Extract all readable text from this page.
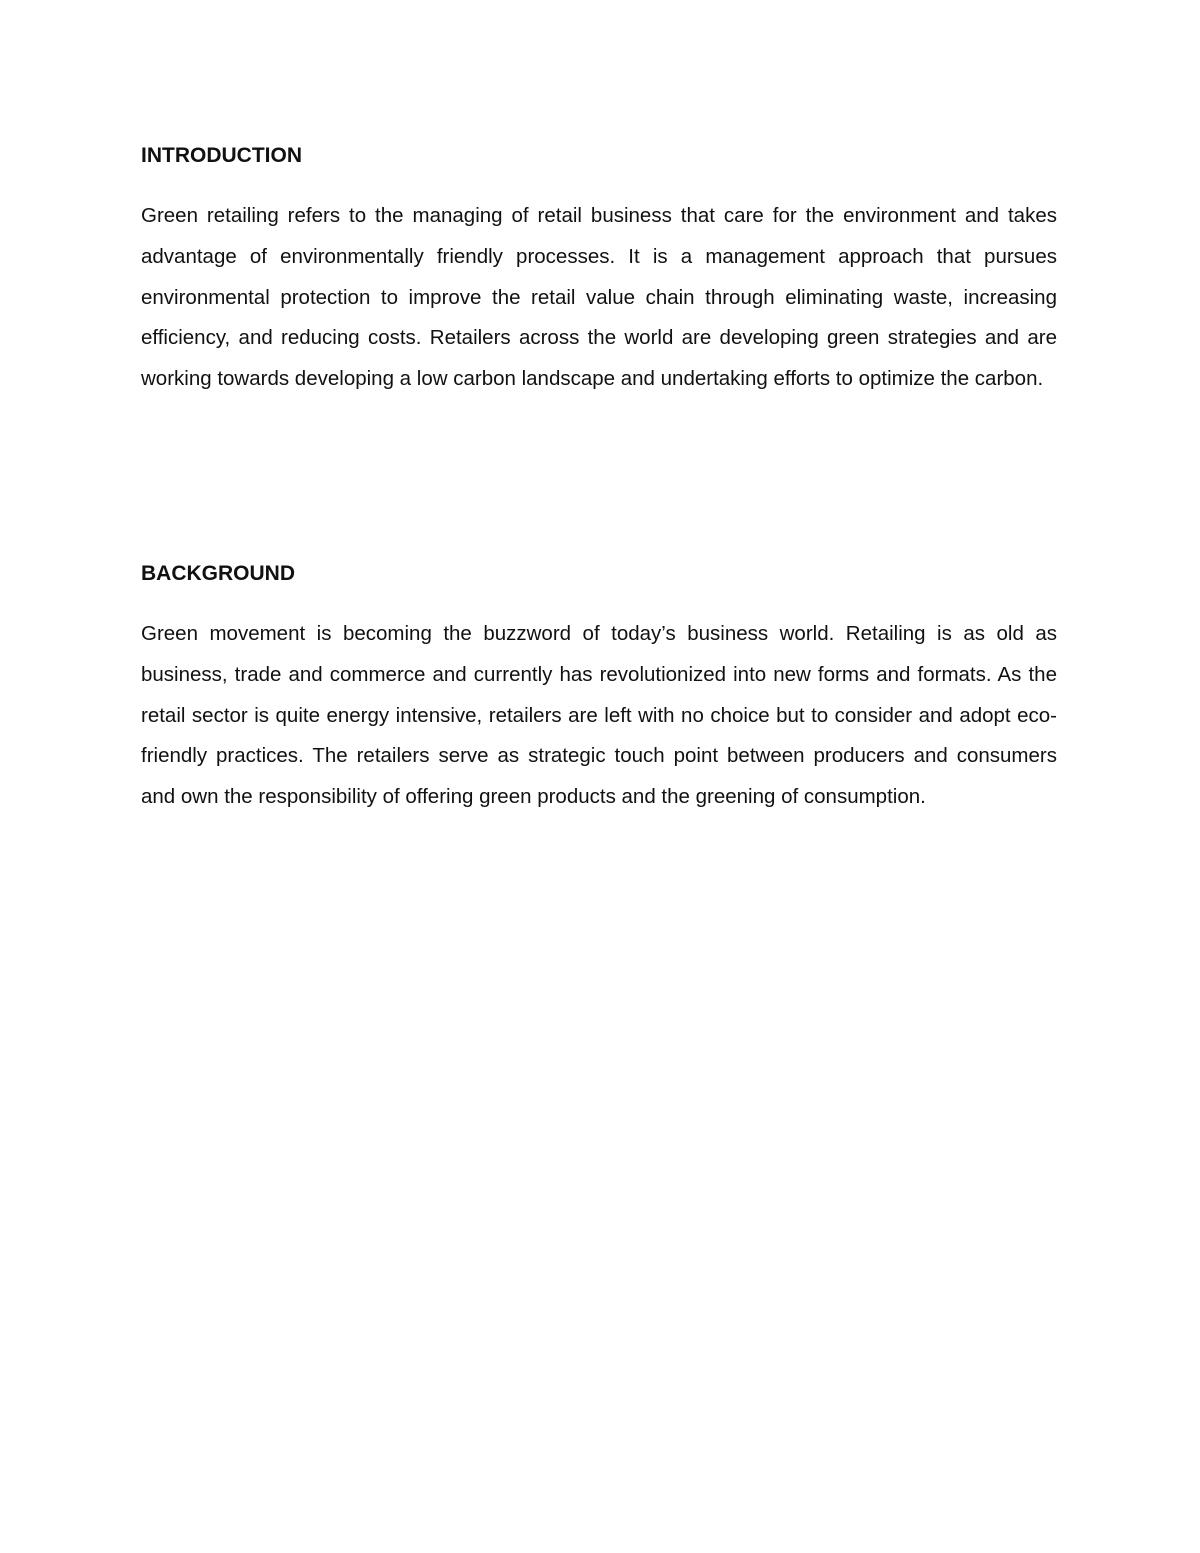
INTRODUCTION

Green retailing refers to the managing of retail business that care for the environment and takes advantage of environmentally friendly processes. It is a management approach that pursues environmental protection to improve the retail value chain through eliminating waste, increasing efficiency, and reducing costs. Retailers across the world are developing green strategies and are working towards developing a low carbon landscape and undertaking efforts to optimize the carbon.

BACKGROUND

Green movement is becoming the buzzword of today’s business world. Retailing is as old as business, trade and commerce and currently has revolutionized into new forms and formats. As the retail sector is quite energy intensive, retailers are left with no choice but to consider and adopt eco-friendly practices. The retailers serve as strategic touch point between producers and consumers and own the responsibility of offering green products and the greening of consumption.
